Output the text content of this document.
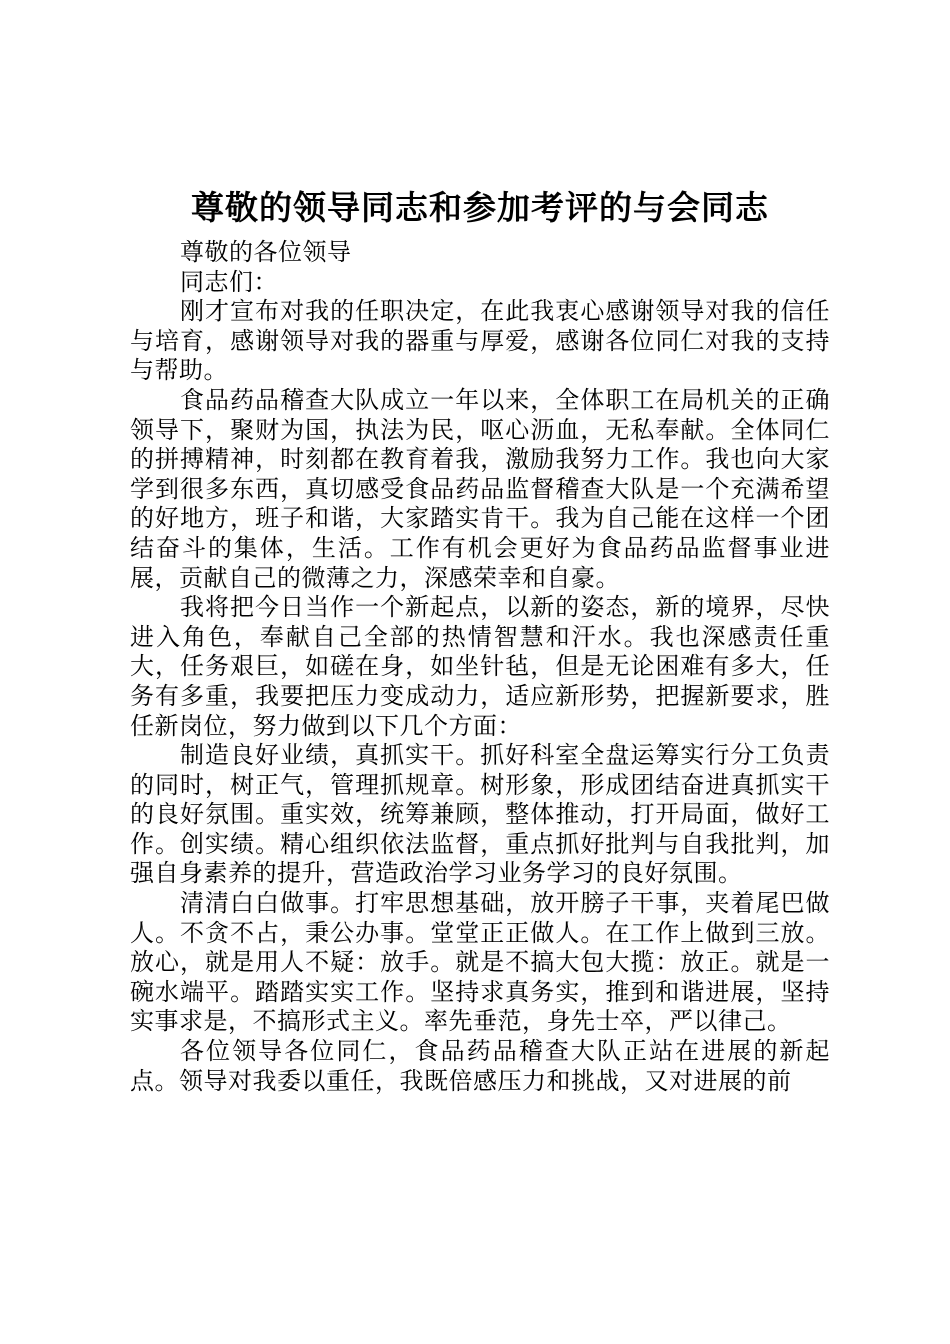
尊敬的领导同志和参加考评的与会同志

尊敬的各位领导

同志们：

刚才宣布对我的任职决定，在此我衷心感谢领导对我的信任与培育，感谢领导对我的器重与厚爱，感谢各位同仁对我的支持与帮助。

食品药品稽查大队成立一年以来，全体职工在局机关的正确领导下，聚财为国，执法为民，呕心沥血，无私奉献。全体同仁的拼搏精神，时刻都在教育着我，激励我努力工作。我也向大家学到很多东西，真切感受食品药品监督稽查大队是一个充满希望的好地方，班子和谐，大家踏实肯干。我为自己能在这样一个团结奋斗的集体，生活。工作有机会更好为食品药品监督事业进展，贡献自己的微薄之力，深感荣幸和自豪。

我将把今日当作一个新起点，以新的姿态，新的境界，尽快进入角色，奉献自己全部的热情智慧和汗水。我也深感责任重大，任务艰巨，如磋在身，如坐针毡，但是无论困难有多大，任务有多重，我要把压力变成动力，适应新形势，把握新要求，胜任新岗位，努力做到以下几个方面：

制造良好业绩，真抓实干。抓好科室全盘运筹实行分工负责的同时，树正气，管理抓规章。树形象，形成团结奋进真抓实干的良好氛围。重实效，统筹兼顾，整体推动，打开局面，做好工作。创实绩。精心组织依法监督，重点抓好批判与自我批判，加强自身素养的提升，营造政治学习业务学习的良好氛围。

清清白白做事。打牢思想基础，放开膀子干事，夹着尾巴做人。不贪不占，秉公办事。堂堂正正做人。在工作上做到三放。放心，就是用人不疑：放手。就是不搞大包大揽：放正。就是一碗水端平。踏踏实实工作。坚持求真务实，推到和谐进展，坚持实事求是，不搞形式主义。率先垂范，身先士卒，严以律己。

各位领导各位同仁，食品药品稽查大队正站在进展的新起点。领导对我委以重任，我既倍感压力和挑战，又对进展的前
